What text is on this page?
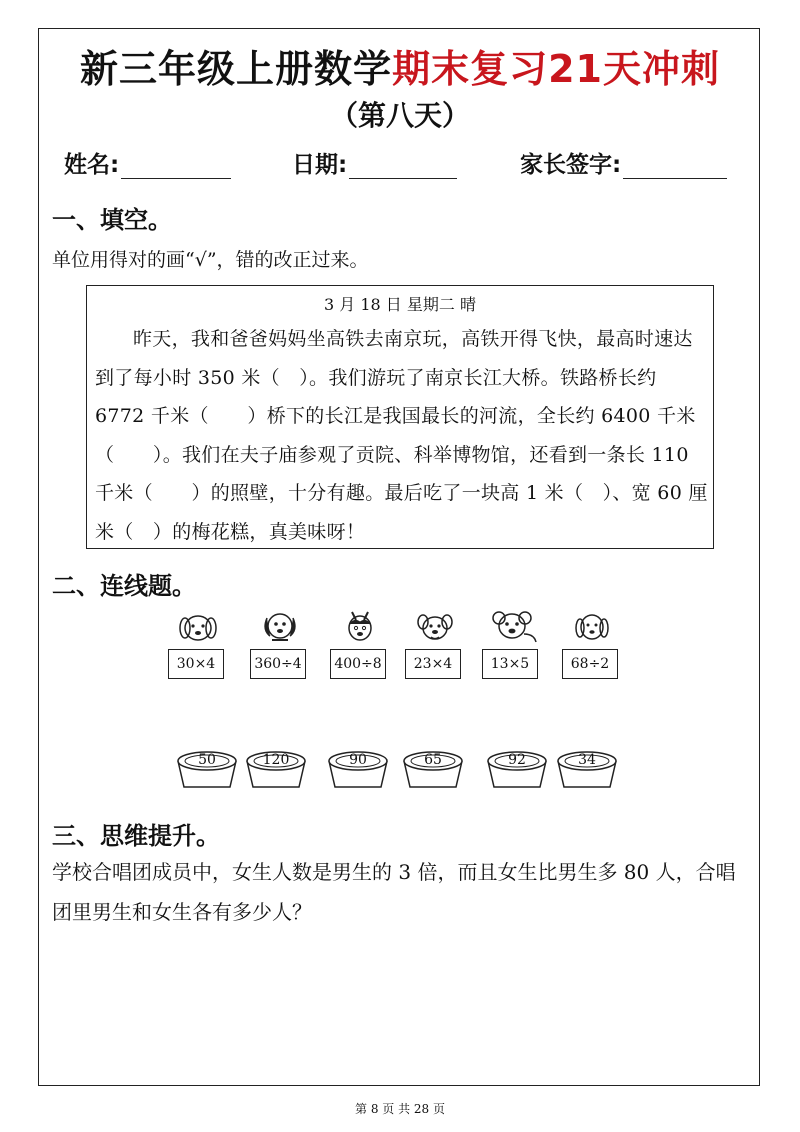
新三年级上册数学期末复习21天冲刺
（第八天）
姓名:	日期:	家长签字:
一、填空。
单位用得对的画“√”，错的改正过来。
3 月 18 日 星期二 晴
昨天，我和爸爸妈妈坐高铁去南京玩，高铁开得飞快，最高时速达到了每小时 350 米（　）。我们游玩了南京长江大桥。铁路桥长约 6772 千米（　　）桥下的长江是我国最长的河流，全长约 6400 千米（　　）。我们在夫子庙参观了贡院、科举博物馆，还看到一条长 110 千米（　　）的照壁，十分有趣。最后吃了一块高 1 米（　）、宽 60 厘米（　）的梅花糕，真美味呀！
二、连线题。
30×4	360÷4	400÷8	23×4	13×5	68÷2
50	120	90	65	92	34
三、思维提升。
学校合唱团成员中，女生人数是男生的 3 倍，而且女生比男生多 80 人，合唱团里男生和女生各有多少人？
第 8 页 共 28 页
